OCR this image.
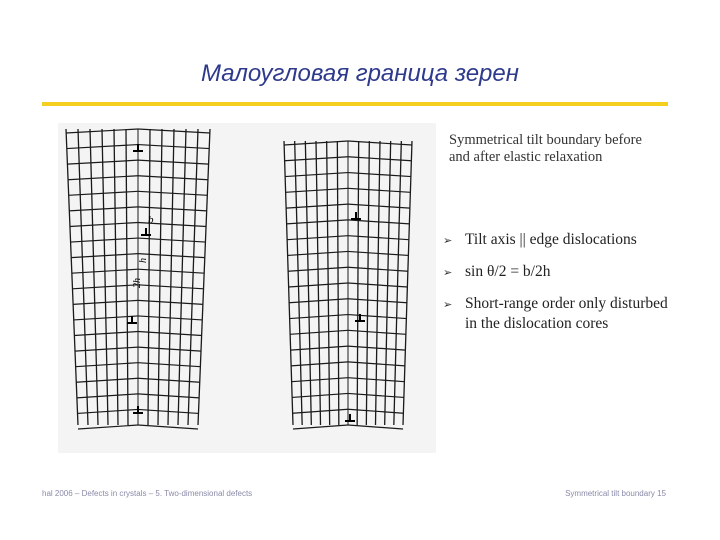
Малоугловая граница зерен
b
h
2h
Symmetrical tilt boundary before and after elastic relaxation
➢ Tilt axis || edge dislocations
➢ sin θ/2 = b/2h
➢ Short-range order only disturbed in the dislocation cores
hal 2006 – Defects in crystals – 5. Two-dimensional defects	Symmetrical tilt boundary 15
